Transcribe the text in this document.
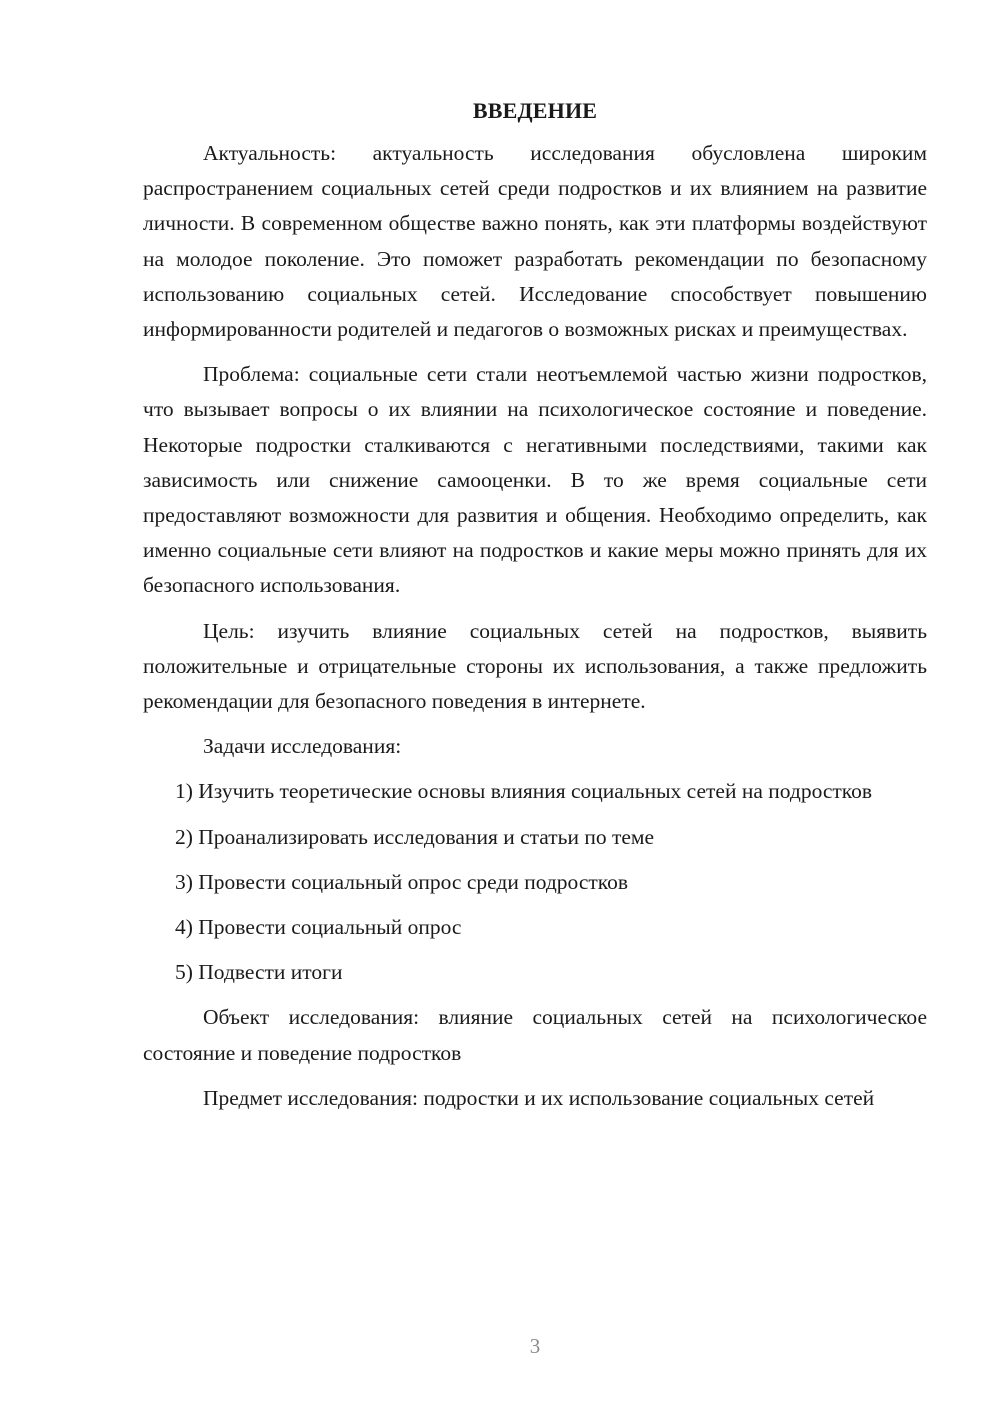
ВВЕДЕНИЕ

Актуальность: актуальность исследования обусловлена широким распространением социальных сетей среди подростков и их влиянием на развитие личности. В современном обществе важно понять, как эти платформы воздействуют на молодое поколение. Это поможет разработать рекомендации по безопасному использованию социальных сетей. Исследование способствует повышению информированности родителей и педагогов о возможных рисках и преимуществах.

Проблема: социальные сети стали неотъемлемой частью жизни подростков, что вызывает вопросы о их влиянии на психологическое состояние и поведение. Некоторые подростки сталкиваются с негативными последствиями, такими как зависимость или снижение самооценки. В то же время социальные сети предоставляют возможности для развития и общения. Необходимо определить, как именно социальные сети влияют на подростков и какие меры можно принять для их безопасного использования.

Цель: изучить влияние социальных сетей на подростков, выявить положительные и отрицательные стороны их использования, а также предложить рекомендации для безопасного поведения в интернете.

Задачи исследования:

1) Изучить теоретические основы влияния социальных сетей на подростков

2) Проанализировать исследования и статьи по теме

3) Провести социальный опрос среди подростков

4) Провести социальный опрос

5) Подвести итоги

Объект исследования: влияние социальных сетей на психологическое состояние и поведение подростков

Предмет исследования: подростки и их использование социальных сетей

3
